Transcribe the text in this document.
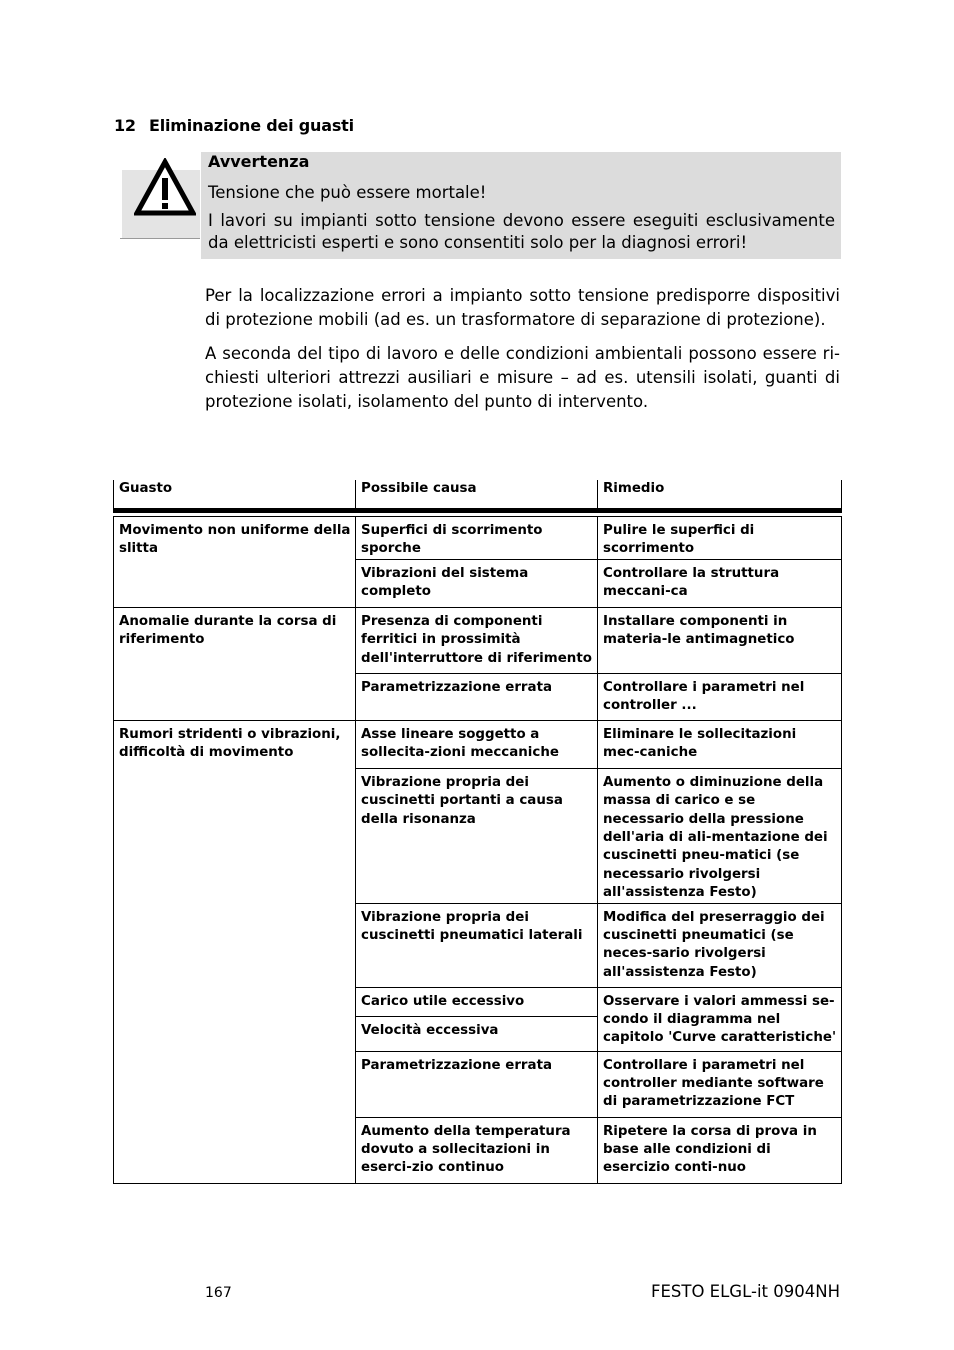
12 Eliminazione dei guasti
Avvertenza
Tensione che può essere mortale!
I lavori su impianti sotto tensione devono essere eseguiti esclusivamente da elettricisti esperti e sono consentiti solo per la diagnosi errori!
Per la localizzazione errori a impianto sotto tensione predisporre dispositivi di protezione mobili (ad es. un trasformatore di separazione di protezione).
A seconda del tipo di lavoro e delle condizioni ambientali possono essere richiesti ulteriori attrezzi ausiliari e misure – ad es. utensili isolati, guanti di protezione isolati, isolamento del punto di intervento.
Guasto	Possibile causa	Rimedio

Movimento non uniforme della slitta	Superfici di scorrimento sporche	Pulire le superfici di scorrimento
	Vibrazioni del sistema completo	Controllare la struttura meccani-ca
Anomalie durante la corsa di riferimento	Presenza di componenti ferritici in prossimità dell'interruttore di riferimento	Installare componenti in materia-le antimagnetico
	Parametrizzazione errata	Controllare i parametri nel controller ...
Rumori stridenti o vibrazioni, difficoltà di movimento	Asse lineare soggetto a sollecita-zioni meccaniche	Eliminare le sollecitazioni mec-caniche
	Vibrazione propria dei cuscinetti portanti a causa della risonanza	Aumento o diminuzione della massa di carico e se necessario della pressione dell'aria di ali-mentazione dei cuscinetti pneu-matici (se necessario rivolgersi all'assistenza Festo)
	Vibrazione propria dei cuscinetti pneumatici laterali	Modifica del preserraggio dei cuscinetti pneumatici (se neces-sario rivolgersi all'assistenza Festo)
	Carico utile eccessivo	Osservare i valori ammessi se-condo il diagramma nel capitolo 'Curve caratteristiche'
	Velocità eccessiva	
	Parametrizzazione errata	Controllare i parametri nel controller mediante software di parametrizzazione FCT
	Aumento della temperatura dovuto a sollecitazioni in eserci-zio continuo	Ripetere la corsa di prova in base alle condizioni di esercizio conti-nuo
167	FESTO ELGL-it 0904NH
